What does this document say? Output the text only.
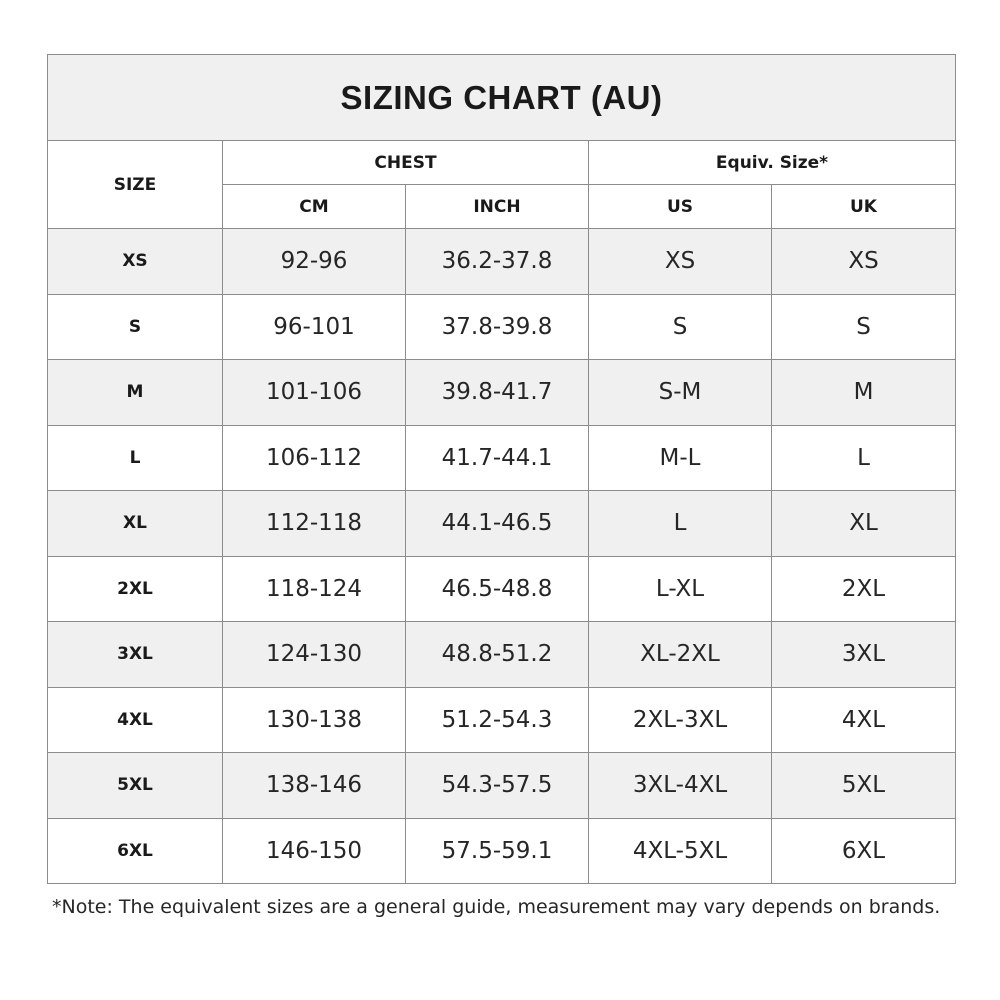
SIZING CHART (AU)				
SIZE	CHEST		Equiv. Size*	
	CM	INCH	US	UK
XS	92-96	36.2-37.8	XS	XS
S	96-101	37.8-39.8	S	S
M	101-106	39.8-41.7	S-M	M
L	106-112	41.7-44.1	M-L	L
XL	112-118	44.1-46.5	L	XL
2XL	118-124	46.5-48.8	L-XL	2XL
3XL	124-130	48.8-51.2	XL-2XL	3XL
4XL	130-138	51.2-54.3	2XL-3XL	4XL
5XL	138-146	54.3-57.5	3XL-4XL	5XL
6XL	146-150	57.5-59.1	4XL-5XL	6XL
*Note: The equivalent sizes are a general guide, measurement may vary depends on brands.
